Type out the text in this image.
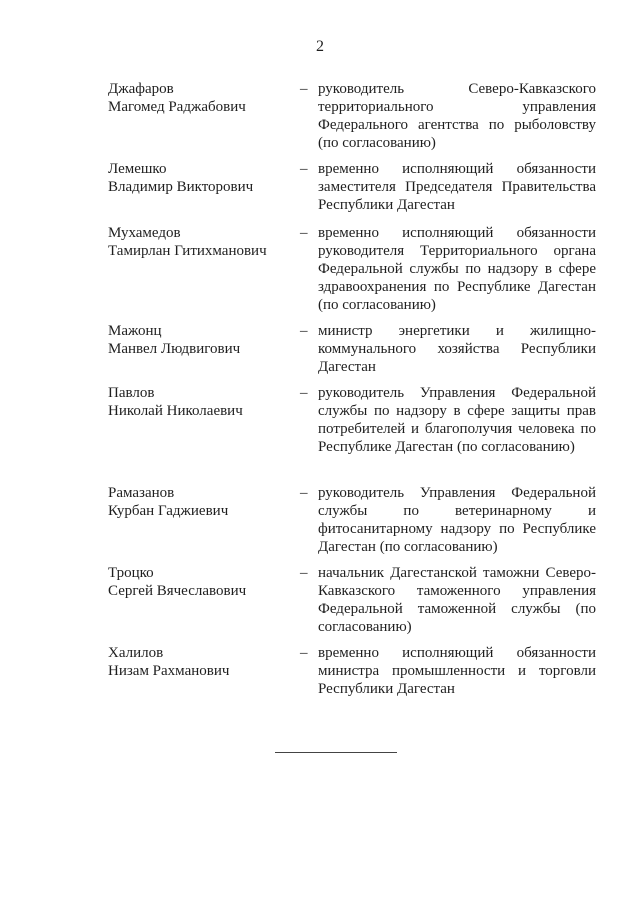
2
Джафаров
Магомед Раджабович
– руководитель Северо-Кавказского территориального управления Федерального агентства по рыболовству (по согласованию)
Лемешко
Владимир Викторович
– временно исполняющий обязанности заместителя Председателя Правительства Республики Дагестан
Мухамедов
Тамирлан Гитихманович
– временно исполняющий обязанности руководителя Территориального органа Федеральной службы по надзору в сфере здравоохранения по Республике Дагестан (по согласованию)
Мажонц
Манвел Людвигович
– министр энергетики и жилищно-коммунального хозяйства Республики Дагестан
Павлов
Николай Николаевич
– руководитель Управления Федеральной службы по надзору в сфере защиты прав потребителей и благополучия человека по Республике Дагестан (по согласованию)
Рамазанов
Курбан Гаджиевич
– руководитель Управления Федеральной службы по ветеринарному и фитосанитарному надзору по Республике Дагестан (по согласованию)
Троцко
Сергей Вячеславович
– начальник Дагестанской таможни Северо-Кавказского таможенного управления Федеральной таможенной службы (по согласованию)
Халилов
Низам Рахманович
– временно исполняющий обязанности министра промышленности и торговли Республики Дагестан
